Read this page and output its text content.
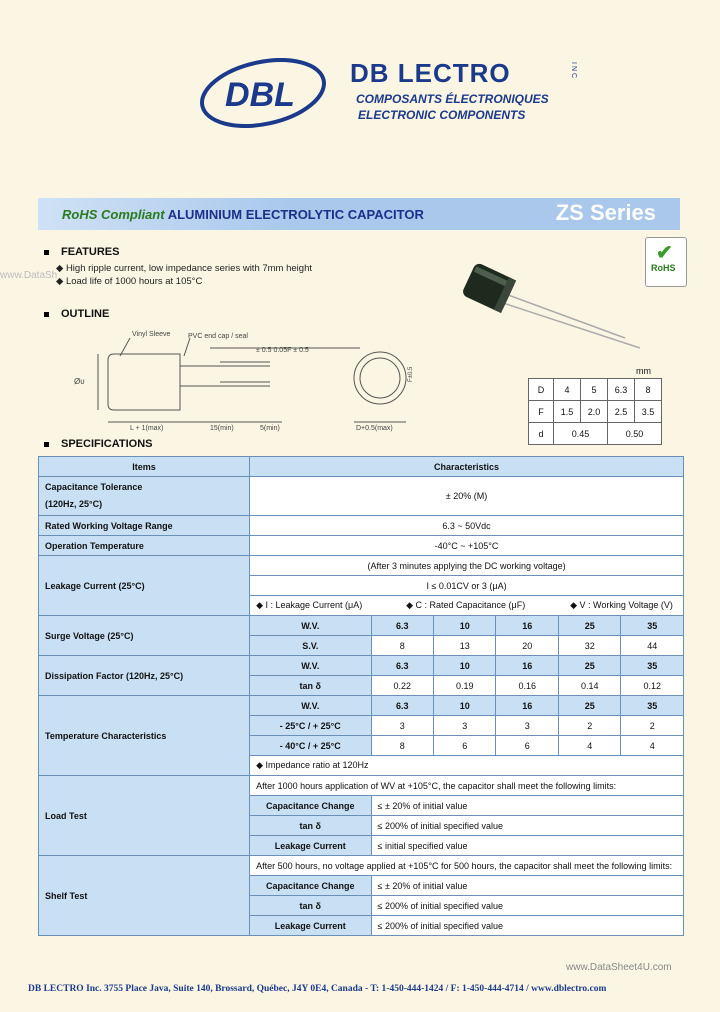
www.DataSh
DBL
DB LECTRO	INC
COMPOSANTS ÉLECTRONIQUES
ELECTRONIC COMPONENTS
RoHS Compliant ALUMINIUM ELECTROLYTIC CAPACITOR	ZS Series
FEATURES
◆ High ripple current, low impedance series with 7mm height
◆ Load life of 1000 hours at 105°C
✔
RoHS
OUTLINE
Øυ
Vinyl Sleeve	PVC end cap / seal
± 0.5 0.05F ± 0.5
L + 1(max)	15(min)	5(min)	D+0.5(max)
F±0.5	mm
D	4	5	6.3	8
F	1.5	2.0	2.5	3.5
d	0.45		0.50	
SPECIFICATIONS
Items	Characteristics					
Capacitance Tolerance
(120Hz, 25°C)	± 20% (M)					
Rated Working Voltage Range	6.3 ~ 50Vdc					
Operation Temperature	-40°C ~ +105°C					
Leakage Current (25°C)	(After 3 minutes applying the DC working voltage)					
	I ≤ 0.01CV or 3 (μA)					
	◆ I : Leakage Current (μA) ◆ C : Rated Capacitance (μF) ◆ V : Working Voltage (V)					
Surge Voltage (25°C)	W.V.	6.3	10	16	25	35
	S.V.	8	13	20	32	44
Dissipation Factor (120Hz, 25°C)	W.V.	6.3	10	16	25	35
	tan δ	0.22	0.19	0.16	0.14	0.12
Temperature Characteristics	W.V.	6.3	10	16	25	35
	- 25°C / + 25°C	3	3	3	2	2
	- 40°C / + 25°C	8	6	6	4	4
	◆ Impedance ratio at 120Hz					
Load Test	After 1000 hours application of WV at +105°C, the capacitor shall meet the following limits:					
	Capacitance Change	≤ ± 20% of initial value				
	tan δ	≤ 200% of initial specified value				
	Leakage Current	≤ initial specified value				
Shelf Test	After 500 hours, no voltage applied at +105°C for 500 hours, the capacitor shall meet the following limits:					
	Capacitance Change	≤ ± 20% of initial value				
	tan δ	≤ 200% of initial specified value				
	Leakage Current	≤ 200% of initial specified value				
www.DataSheet4U.com
DB LECTRO Inc. 3755 Place Java, Suite 140, Brossard, Québec, J4Y 0E4, Canada - T: 1-450-444-1424 / F: 1-450-444-4714 / www.dblectro.com
